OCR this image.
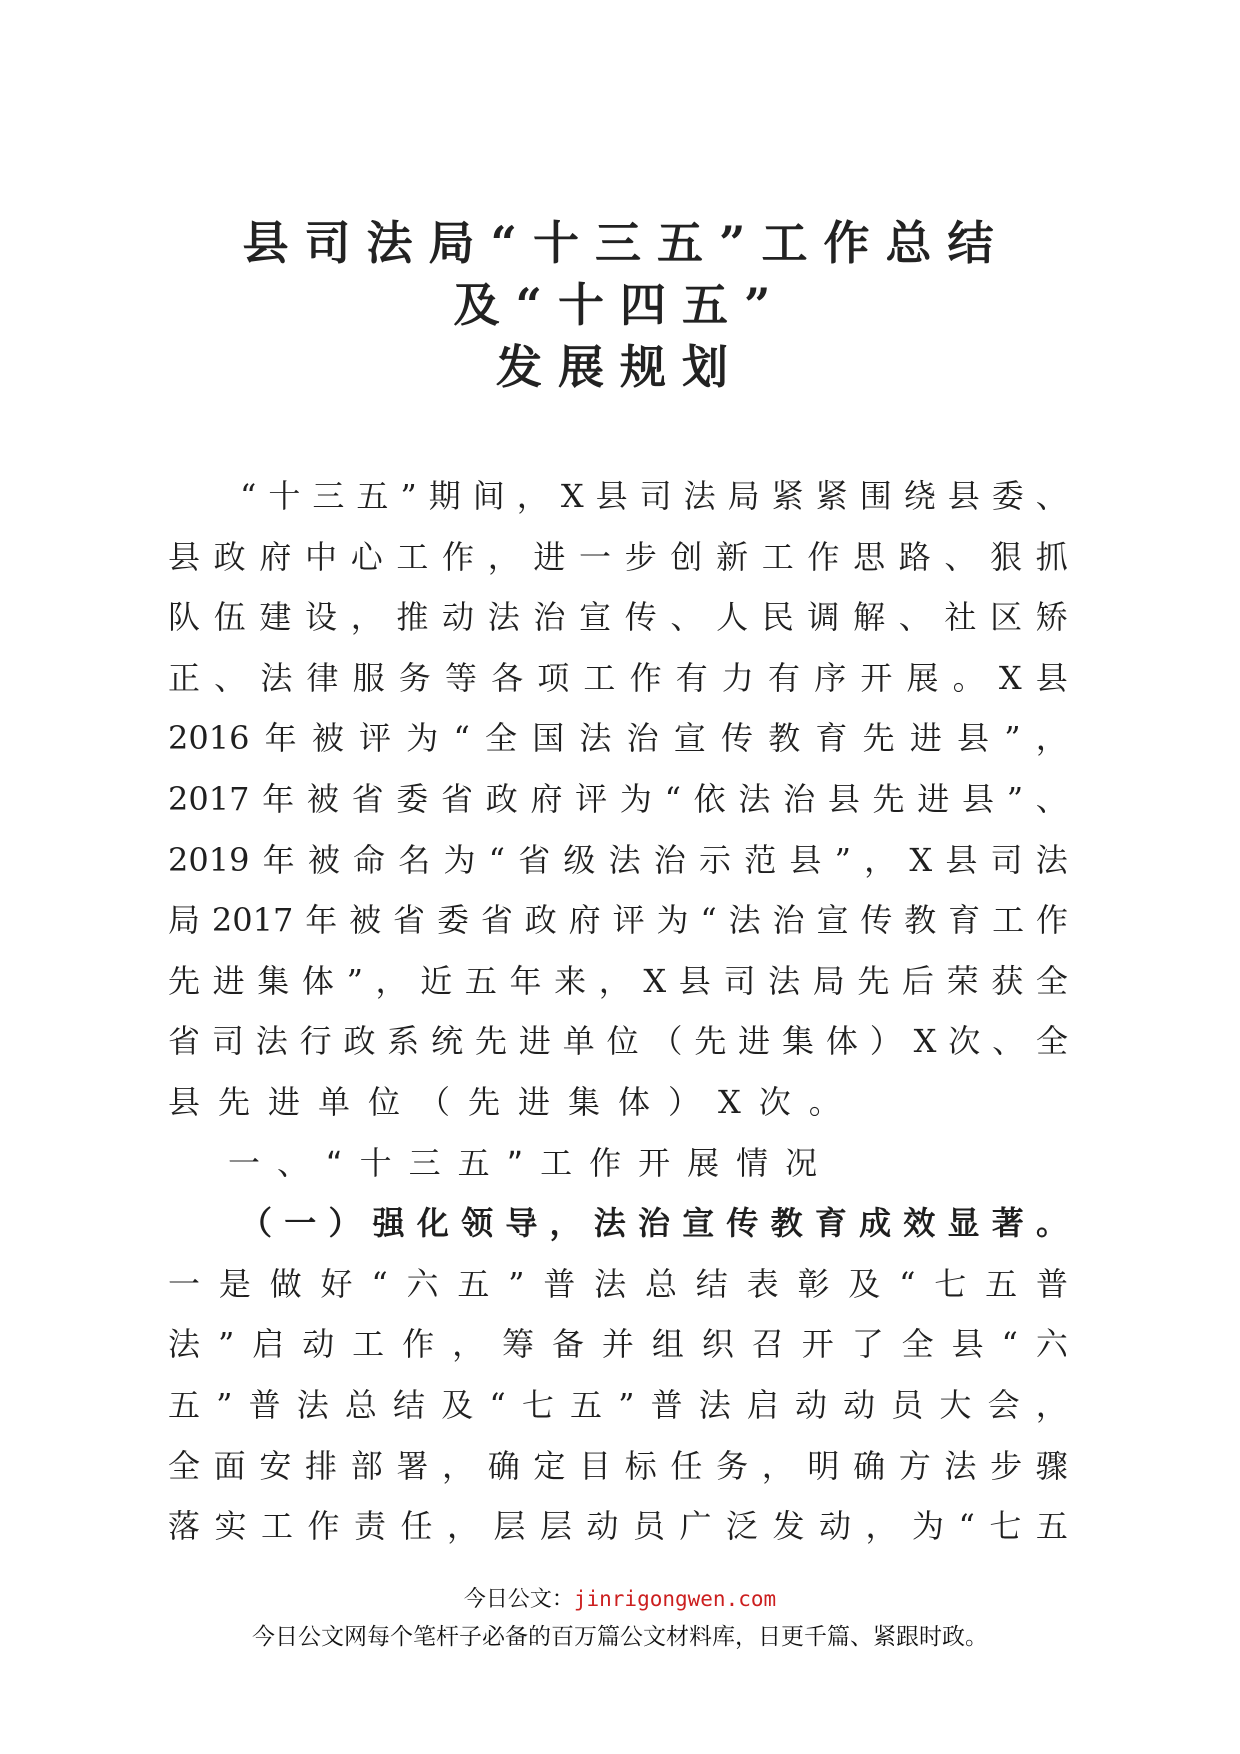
县司法局“十三五”工作总结
及“十四五”
发展规划
“ 十 三 五 ” 期 间 ， X 县 司 法 局 紧 紧 围 绕 县 委 、
县 政 府 中 心 工 作 ， 进 一 步 创 新 工 作 思 路 、 狠 抓
队 伍 建 设 ， 推 动 法 治 宣 传 、 人 民 调 解 、 社 区 矫
正 、 法 律 服 务 等 各 项 工 作 有 力 有 序 开 展 。 X 县
2016 年 被 评 为 “ 全 国 法 治 宣 传 教 育 先 进 县 ” ，
2017 年 被 省 委 省 政 府 评 为 “ 依 法 治 县 先 进 县 ” 、
2019 年 被 命 名 为 “ 省 级 法 治 示 范 县 ” ， X 县 司 法
局 2017 年 被 省 委 省 政 府 评 为 “ 法 治 宣 传 教 育 工 作
先 进 集 体 ” ， 近 五 年 来 ， X 县 司 法 局 先 后 荣 获 全
省 司 法 行 政 系 统 先 进 单 位 （ 先 进 集 体 ） X 次 、 全
县先进单位（先进集体）X次。
一、“十三五”工作开展情况
（ 一 ） 强 化 领 导 ， 法 治 宣 传 教 育 成 效 显 著 。
一 是 做 好 “ 六 五 ” 普 法 总 结 表 彰 及 “ 七 五 普
法 ” 启 动 工 作 ， 筹 备 并 组 织 召 开 了 全 县 “ 六
五 ” 普 法 总 结 及 “ 七 五 ” 普 法 启 动 动 员 大 会 ，
全 面 安 排 部 署 ， 确 定 目 标 任 务 ， 明 确 方 法 步 骤
落 实 工 作 责 任 ， 层 层 动 员 广 泛 发 动 ， 为 “ 七 五
今日公文：jinrigongwen.com
今日公文网每个笔杆子必备的百万篇公文材料库，日更千篇、紧跟时政。
